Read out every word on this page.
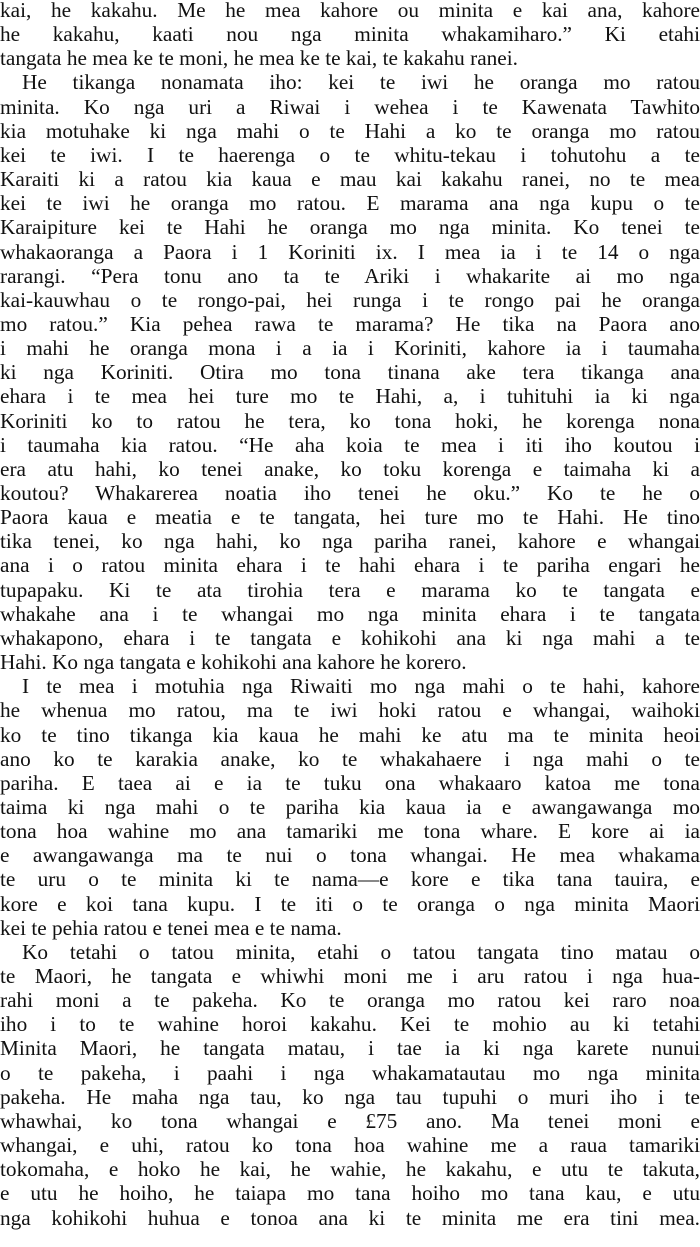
kai, he kakahu. Me he mea kahore ou minita e kai ana, kahore
he kakahu, kaati nou nga minita whakamiharo.” Ki etahi
tangata he mea ke te moni, he mea ke te kai, te kakahu ranei.
He tikanga nonamata iho: kei te iwi he oranga mo ratou
minita. Ko nga uri a Riwai i wehea i te Kawenata Tawhito
kia motuhake ki nga mahi o te Hahi a ko te oranga mo ratou
kei te iwi. I te haerenga o te whitu-tekau i tohutohu a te
Karaiti ki a ratou kia kaua e mau kai kakahu ranei, no te mea
kei te iwi he oranga mo ratou. E marama ana nga kupu o te
Karaipiture kei te Hahi he oranga mo nga minita. Ko tenei te
whakaoranga a Paora i 1 Koriniti ix. I mea ia i te 14 o nga
rarangi. “Pera tonu ano ta te Ariki i whakarite ai mo nga
kai-kauwhau o te rongo-pai, hei runga i te rongo pai he oranga
mo ratou.” Kia pehea rawa te marama? He tika na Paora ano
i mahi he oranga mona i a ia i Koriniti, kahore ia i taumaha
ki nga Koriniti. Otira mo tona tinana ake tera tikanga ana
ehara i te mea hei ture mo te Hahi, a, i tuhituhi ia ki nga
Koriniti ko to ratou he tera, ko tona hoki, he korenga nona
i taumaha kia ratou. “He aha koia te mea i iti iho koutou i
era atu hahi, ko tenei anake, ko toku korenga e taimaha ki a
koutou? Whakarerea noatia iho tenei he oku.” Ko te he o
Paora kaua e meatia e te tangata, hei ture mo te Hahi. He tino
tika tenei, ko nga hahi, ko nga pariha ranei, kahore e whangai
ana i o ratou minita ehara i te hahi ehara i te pariha engari he
tupapaku. Ki te ata tirohia tera e marama ko te tangata e
whakahe ana i te whangai mo nga minita ehara i te tangata
whakapono, ehara i te tangata e kohikohi ana ki nga mahi a te
Hahi. Ko nga tangata e kohikohi ana kahore he korero.
I te mea i motuhia nga Riwaiti mo nga mahi o te hahi, kahore
he whenua mo ratou, ma te iwi hoki ratou e whangai, waihoki
ko te tino tikanga kia kaua he mahi ke atu ma te minita heoi
ano ko te karakia anake, ko te whakahaere i nga mahi o te
pariha. E taea ai e ia te tuku ona whakaaro katoa me tona
taima ki nga mahi o te pariha kia kaua ia e awangawanga mo
tona hoa wahine mo ana tamariki me tona whare. E kore ai ia
e awangawanga ma te nui o tona whangai. He mea whakama
te uru o te minita ki te nama—e kore e tika tana tauira, e
kore e koi tana kupu. I te iti o te oranga o nga minita Maori
kei te pehia ratou e tenei mea e te nama.
Ko tetahi o tatou minita, etahi o tatou tangata tino matau o
te Maori, he tangata e whiwhi moni me i aru ratou i nga hua-
rahi moni a te pakeha. Ko te oranga mo ratou kei raro noa
iho i to te wahine horoi kakahu. Kei te mohio au ki tetahi
Minita Maori, he tangata matau, i tae ia ki nga karete nunui
o te pakeha, i paahi i nga whakamatautau mo nga minita
pakeha. He maha nga tau, ko nga tau tupuhi o muri iho i te
whawhai, ko tona whangai e £75 ano. Ma tenei moni e
whangai, e uhi, ratou ko tona hoa wahine me a raua tamariki
tokomaha, e hoko he kai, he wahie, he kakahu, e utu te takuta,
e utu he hoiho, he taiapa mo tana hoiho mo tana kau, e utu
nga kohikohi huhua e tonoa ana ki te minita me era tini mea.
